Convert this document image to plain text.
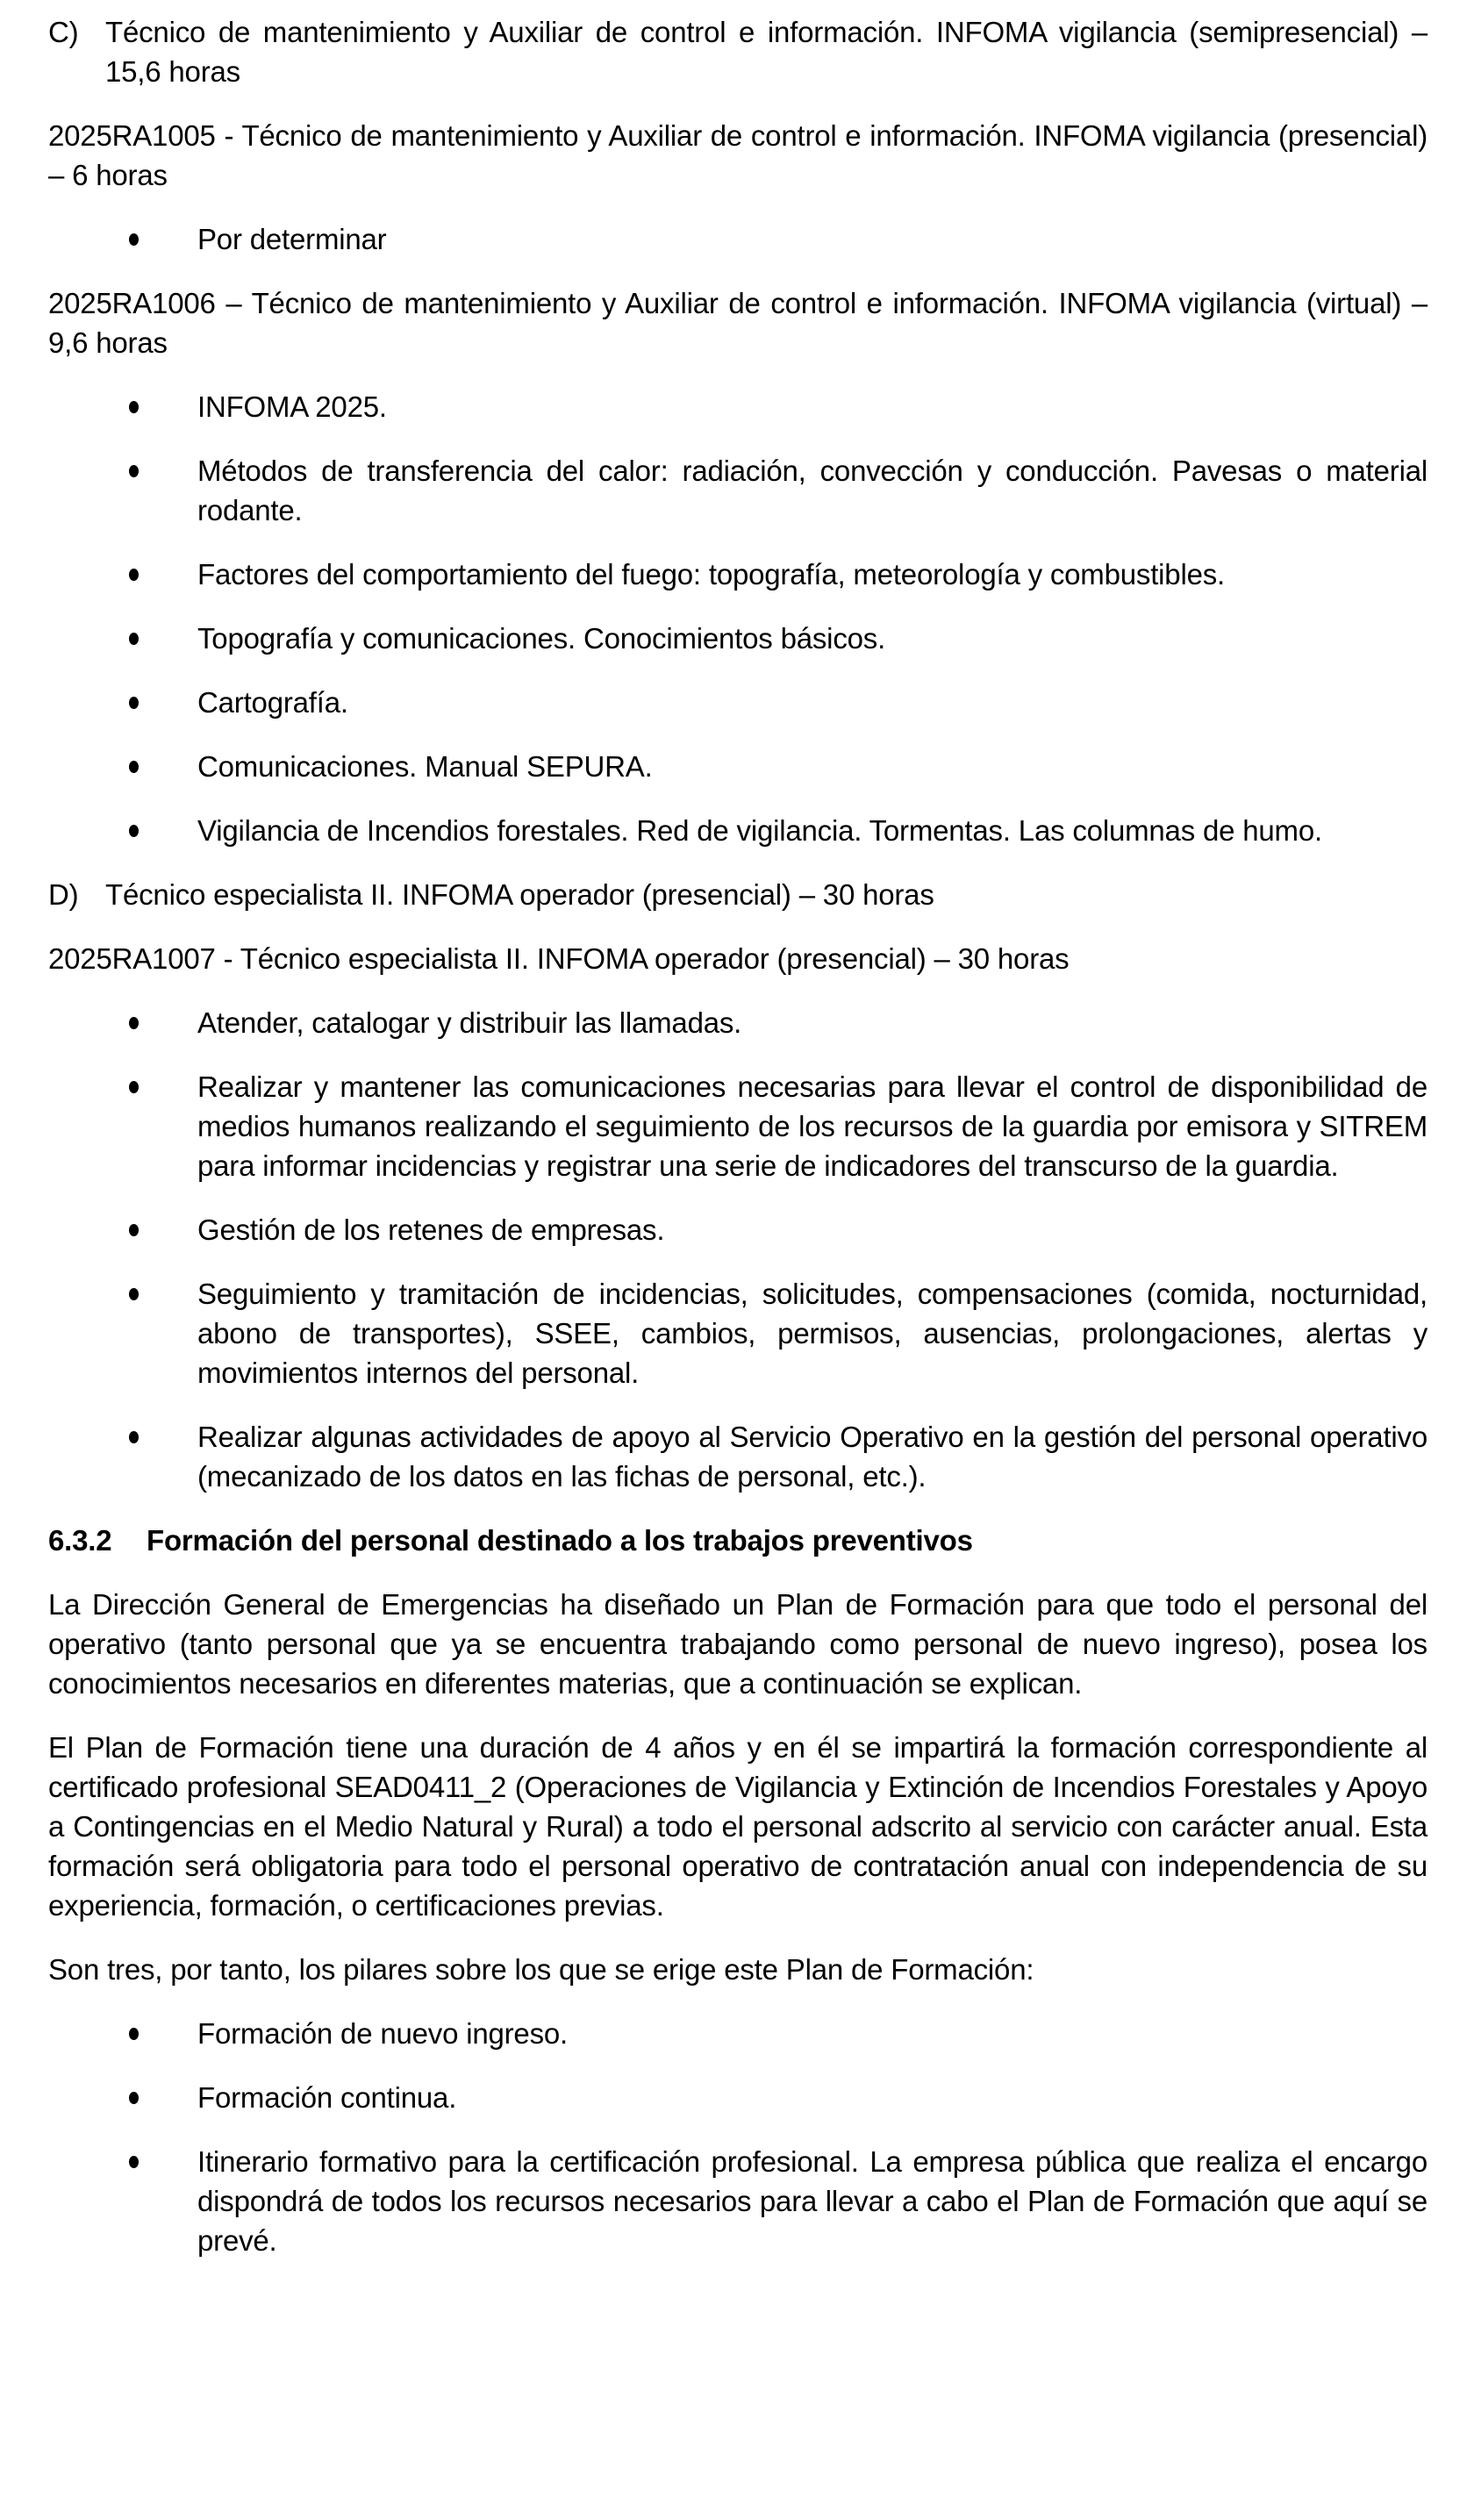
C) Técnico de mantenimiento y Auxiliar de control e información. INFOMA vigilancia (semipresencial) – 15,6 horas
2025RA1005 - Técnico de mantenimiento y Auxiliar de control e información. INFOMA vigilancia (presencial) – 6 horas
Por determinar
2025RA1006 – Técnico de mantenimiento y Auxiliar de control e información. INFOMA vigilancia (virtual) – 9,6 horas
INFOMA 2025.
Métodos de transferencia del calor: radiación, convección y conducción. Pavesas o material rodante.
Factores del comportamiento del fuego: topografía, meteorología y combustibles.
Topografía y comunicaciones. Conocimientos básicos.
Cartografía.
Comunicaciones. Manual SEPURA.
Vigilancia de Incendios forestales. Red de vigilancia. Tormentas. Las columnas de humo.
D) Técnico especialista II. INFOMA operador (presencial) – 30 horas
2025RA1007 - Técnico especialista II. INFOMA operador (presencial) – 30 horas
Atender, catalogar y distribuir las llamadas.
Realizar y mantener las comunicaciones necesarias para llevar el control de disponibilidad de medios humanos realizando el seguimiento de los recursos de la guardia por emisora y SITREM para informar incidencias y registrar una serie de indicadores del transcurso de la guardia.
Gestión de los retenes de empresas.
Seguimiento y tramitación de incidencias, solicitudes, compensaciones (comida, nocturnidad, abono de transportes), SSEE, cambios, permisos, ausencias, prolongaciones, alertas y movimientos internos del personal.
Realizar algunas actividades de apoyo al Servicio Operativo en la gestión del personal operativo (mecanizado de los datos en las fichas de personal, etc.).
6.3.2 Formación del personal destinado a los trabajos preventivos
La Dirección General de Emergencias ha diseñado un Plan de Formación para que todo el personal del operativo (tanto personal que ya se encuentra trabajando como personal de nuevo ingreso), posea los conocimientos necesarios en diferentes materias, que a continuación se explican.
El Plan de Formación tiene una duración de 4 años y en él se impartirá la formación correspondiente al certificado profesional SEAD0411_2 (Operaciones de Vigilancia y Extinción de Incendios Forestales y Apoyo a Contingencias en el Medio Natural y Rural) a todo el personal adscrito al servicio con carácter anual. Esta formación será obligatoria para todo el personal operativo de contratación anual con independencia de su experiencia, formación, o certificaciones previas.
Son tres, por tanto, los pilares sobre los que se erige este Plan de Formación:
Formación de nuevo ingreso.
Formación continua.
Itinerario formativo para la certificación profesional. La empresa pública que realiza el encargo dispondrá de todos los recursos necesarios para llevar a cabo el Plan de Formación que aquí se prevé.
